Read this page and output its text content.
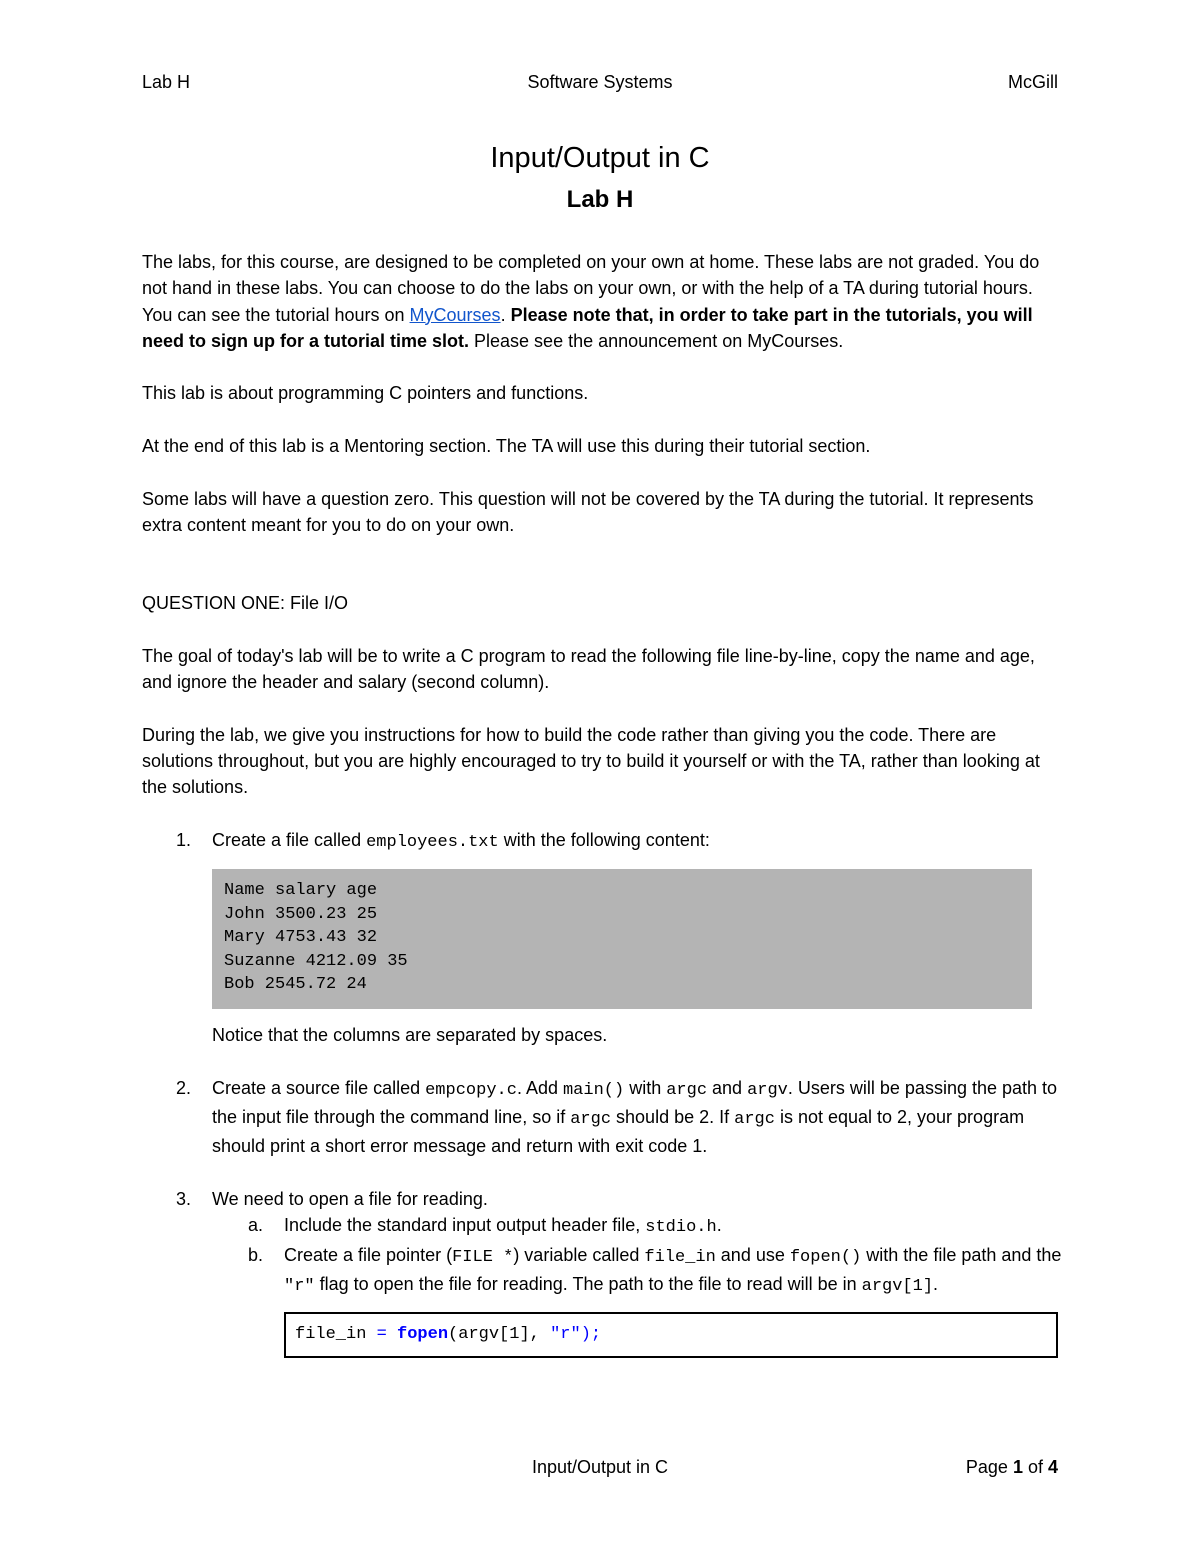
Lab H	Software Systems	McGill
Input/Output in C
Lab H

The labs, for this course, are designed to be completed on your own at home. These labs are not graded. You do not hand in these labs. You can choose to do the labs on your own, or with the help of a TA during tutorial hours. You can see the tutorial hours on MyCourses. Please note that, in order to take part in the tutorials, you will need to sign up for a tutorial time slot. Please see the announcement on MyCourses.

This lab is about programming C pointers and functions.

At the end of this lab is a Mentoring section. The TA will use this during their tutorial section.

Some labs will have a question zero. This question will not be covered by the TA during the tutorial. It represents extra content meant for you to do on your own.

QUESTION ONE: File I/O

The goal of today's lab will be to write a C program to read the following file line-by-line, copy the name and age, and ignore the header and salary (second column).

During the lab, we give you instructions for how to build the code rather than giving you the code. There are solutions throughout, but you are highly encouraged to try to build it yourself or with the TA, rather than looking at the solutions.

1. Create a file called employees.txt with the following content:
Name salary age
John 3500.23 25
Mary 4753.43 32
Suzanne 4212.09 35
Bob 2545.72 24
Notice that the columns are separated by spaces.
2. Create a source file called empcopy.c. Add main() with argc and argv. Users will be passing the path to the input file through the command line, so if argc should be 2. If argc is not equal to 2, your program should print a short error message and return with exit code 1.
3. We need to open a file for reading.
a. Include the standard input output header file, stdio.h.
b. Create a file pointer (FILE *) variable called file_in and use fopen() with the file path and the "r" flag to open the file for reading. The path to the file to read will be in argv[1].
file_in = fopen(argv[1], "r");
Input/Output in C	Page 1 of 4
